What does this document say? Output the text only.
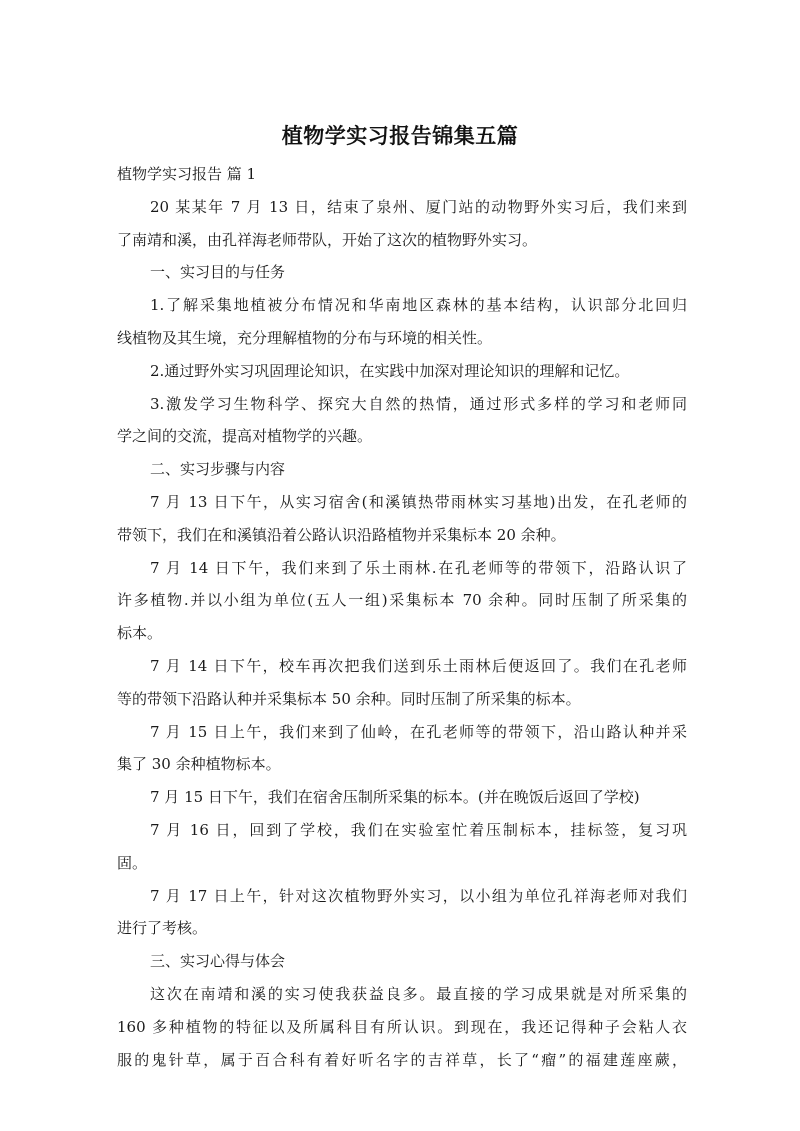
植物学实习报告锦集五篇
植物学实习报告 篇 1
20 某某年 7 月 13 日，结束了泉州、厦门站的动物野外实习后，我们来到
了南靖和溪，由孔祥海老师带队，开始了这次的植物野外实习。
一、实习目的与任务
1.了解采集地植被分布情况和华南地区森林的基本结构，认识部分北回归
线植物及其生境，充分理解植物的分布与环境的相关性。
2.通过野外实习巩固理论知识，在实践中加深对理论知识的理解和记忆。
3.激发学习生物科学、探究大自然的热情，通过形式多样的学习和老师同
学之间的交流，提高对植物学的兴趣。
二、实习步骤与内容
7 月 13 日下午，从实习宿舍(和溪镇热带雨林实习基地)出发，在孔老师的
带领下，我们在和溪镇沿着公路认识沿路植物并采集标本 20 余种。
7 月 14 日下午，我们来到了乐土雨林.在孔老师等的带领下，沿路认识了
许多植物.并以小组为单位(五人一组)采集标本 70 余种。同时压制了所采集的
标本。
7 月 14 日下午，校车再次把我们送到乐土雨林后便返回了。我们在孔老师
等的带领下沿路认种并采集标本 50 余种。同时压制了所采集的标本。
7 月 15 日上午，我们来到了仙岭，在孔老师等的带领下，沿山路认种并采
集了 30 余种植物标本。
7 月 15 日下午，我们在宿舍压制所采集的标本。(并在晚饭后返回了学校)
7 月 16 日，回到了学校，我们在实验室忙着压制标本，挂标签，复习巩
固。
7 月 17 日上午，针对这次植物野外实习，以小组为单位孔祥海老师对我们
进行了考核。
三、实习心得与体会
这次在南靖和溪的实习使我获益良多。最直接的学习成果就是对所采集的
160 多种植物的特征以及所属科目有所认识。到现在，我还记得种子会粘人衣
服的鬼针草，属于百合科有着好听名字的吉祥草，长了“瘤”的福建莲座蕨，
